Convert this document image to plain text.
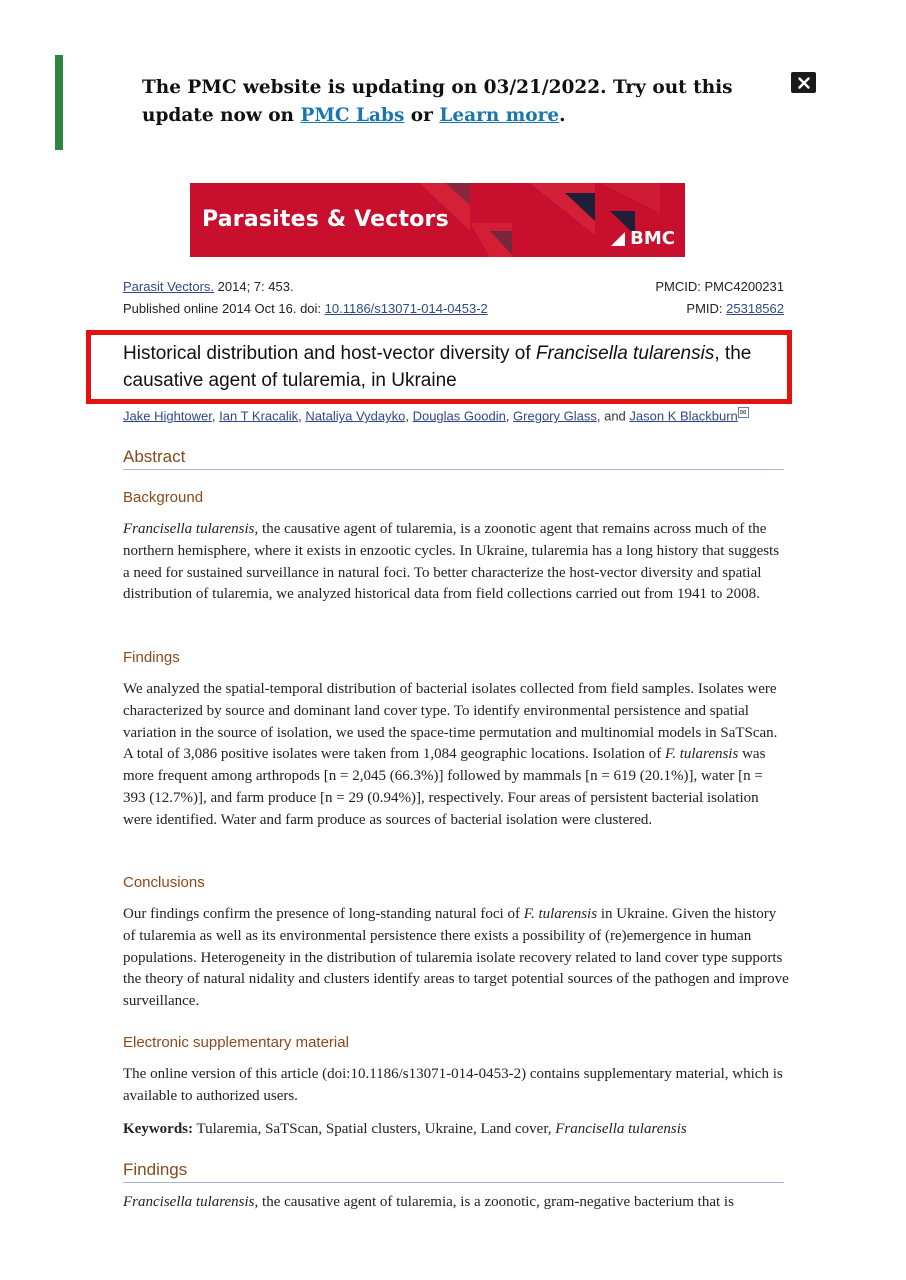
The PMC website is updating on 03/21/2022. Try out this update now on PMC Labs or Learn more.
Parasites & Vectors
BMC
Parasit Vectors. 2014; 7: 453.
Published online 2014 Oct 16. doi: 10.1186/s13071-014-0453-2
PMCID: PMC4200231
PMID: 25318562
Historical distribution and host-vector diversity of Francisella tularensis, the causative agent of tularemia, in Ukraine
Jake Hightower, Ian T Kracalik, Nataliya Vydayko, Douglas Goodin, Gregory Glass, and Jason K Blackburn ✉
Abstract
Background

Francisella tularensis, the causative agent of tularemia, is a zoonotic agent that remains across much of the northern hemisphere, where it exists in enzootic cycles. In Ukraine, tularemia has a long history that suggests a need for sustained surveillance in natural foci. To better characterize the host-vector diversity and spatial distribution of tularemia, we analyzed historical data from field collections carried out from 1941 to 2008.

Findings

We analyzed the spatial-temporal distribution of bacterial isolates collected from field samples. Isolates were characterized by source and dominant land cover type. To identify environmental persistence and spatial variation in the source of isolation, we used the space-time permutation and multinomial models in SaTScan. A total of 3,086 positive isolates were taken from 1,084 geographic locations. Isolation of F. tularensis was more frequent among arthropods [n = 2,045 (66.3%)] followed by mammals [n = 619 (20.1%)], water [n = 393 (12.7%)], and farm produce [n = 29 (0.94%)], respectively. Four areas of persistent bacterial isolation were identified. Water and farm produce as sources of bacterial isolation were clustered.

Conclusions

Our findings confirm the presence of long-standing natural foci of F. tularensis in Ukraine. Given the history of tularemia as well as its environmental persistence there exists a possibility of (re)emergence in human populations. Heterogeneity in the distribution of tularemia isolate recovery related to land cover type supports the theory of natural nidality and clusters identify areas to target potential sources of the pathogen and improve surveillance.

Electronic supplementary material

The online version of this article (doi:10.1186/s13071-014-0453-2) contains supplementary material, which is available to authorized users.

Keywords: Tularemia, SaTScan, Spatial clusters, Ukraine, Land cover, Francisella tularensis

Findings

Francisella tularensis, the causative agent of tularemia, is a zoonotic, gram-negative bacterium that is
